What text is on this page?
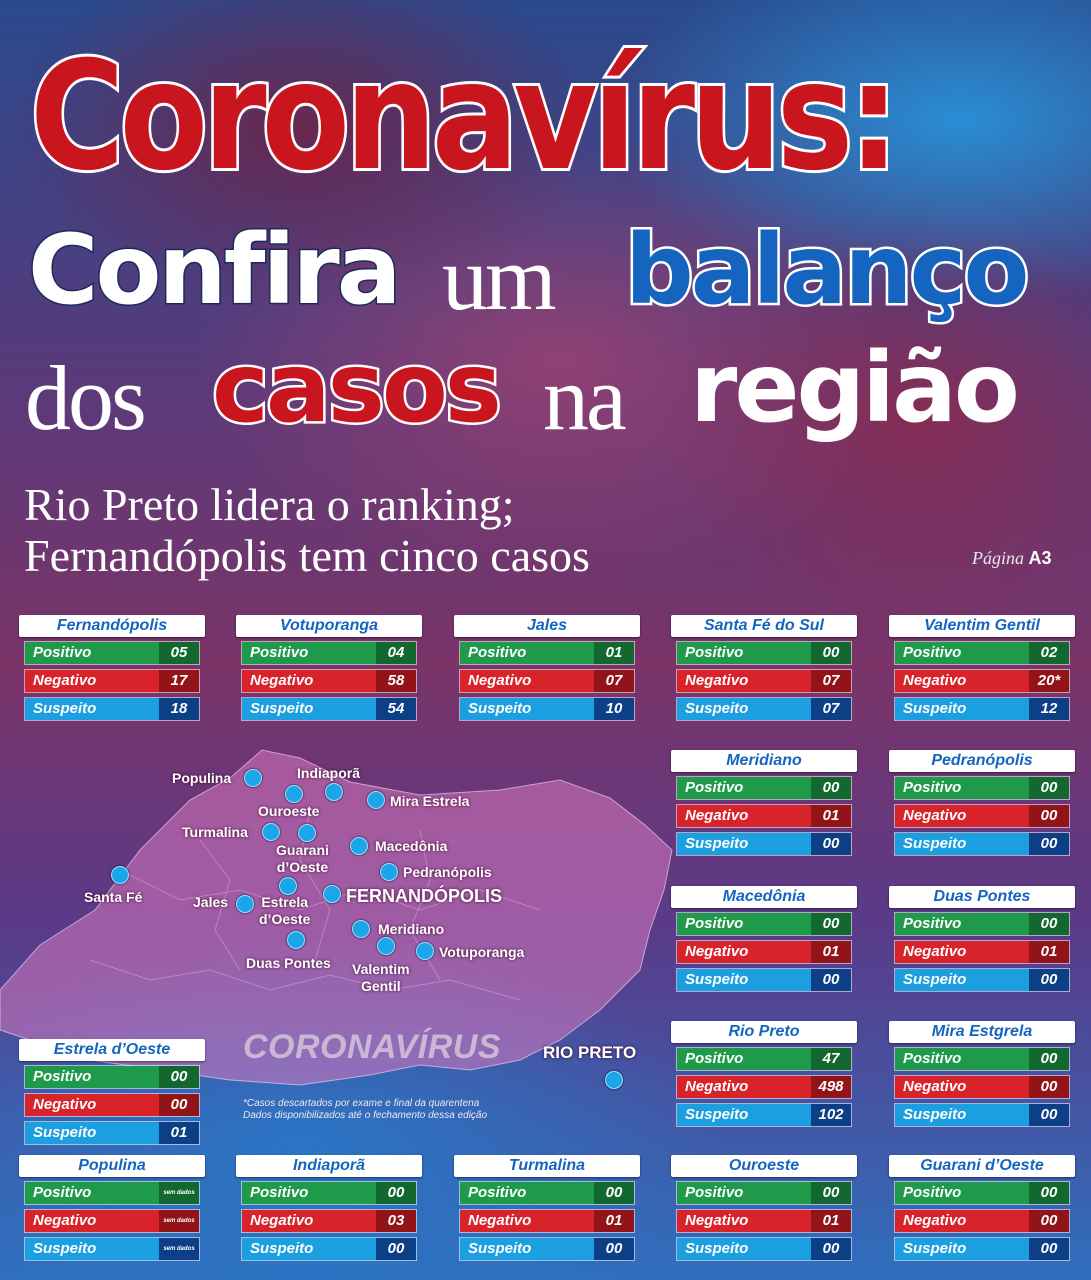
Coronavírus:
Confira um balanço
dos casos na região
Rio Preto lidera o ranking;
Fernandópolis tem cinco casos	Página A3
Populina	Indiaporã
Mira Estrela
Ouroeste
Turmalina
Guarani
d’Oeste
Macedônia
Pedranópolis
Santa Fé	FERNANDÓPOLIS
Jales Estrela
d’Oeste
Meridiano
Votuporanga
Duas Pontes Valentim
Gentil
RIO PRETO
CORONAVÍRUS
*Casos descartados por exame e final da quarentena
Dados disponibilizados até o fechamento dessa edição
Fernandópolis
Positivo	05
Negativo	17
Suspeito	18
Votuporanga
Positivo	04
Negativo	58
Suspeito	54
Jales
Positivo	01
Negativo	07
Suspeito	10
Santa Fé do Sul
Positivo	00
Negativo	07
Suspeito	07
Valentim Gentil
Positivo	02
Negativo	20*
Suspeito	12
Meridiano
Positivo	00
Negativo	01
Suspeito	00
Pedranópolis
Positivo	00
Negativo	00
Suspeito	00
Macedônia
Positivo	00
Negativo	01
Suspeito	00
Duas Pontes
Positivo	00
Negativo	01
Suspeito	00
Rio Preto
Positivo	47
Negativo	498
Suspeito	102
Mira Estgrela
Positivo	00
Negativo	00
Suspeito	00
Estrela d’Oeste
Positivo	00
Negativo	00
Suspeito	01
Populina
Positivo	sem dados
Negativo	sem dados
Suspeito	sem dados
Indiaporã
Positivo	00
Negativo	03
Suspeito	00
Turmalina
Positivo	00
Negativo	01
Suspeito	00
Ouroeste
Positivo	00
Negativo	01
Suspeito	00
Guarani d’Oeste
Positivo	00
Negativo	00
Suspeito	00
